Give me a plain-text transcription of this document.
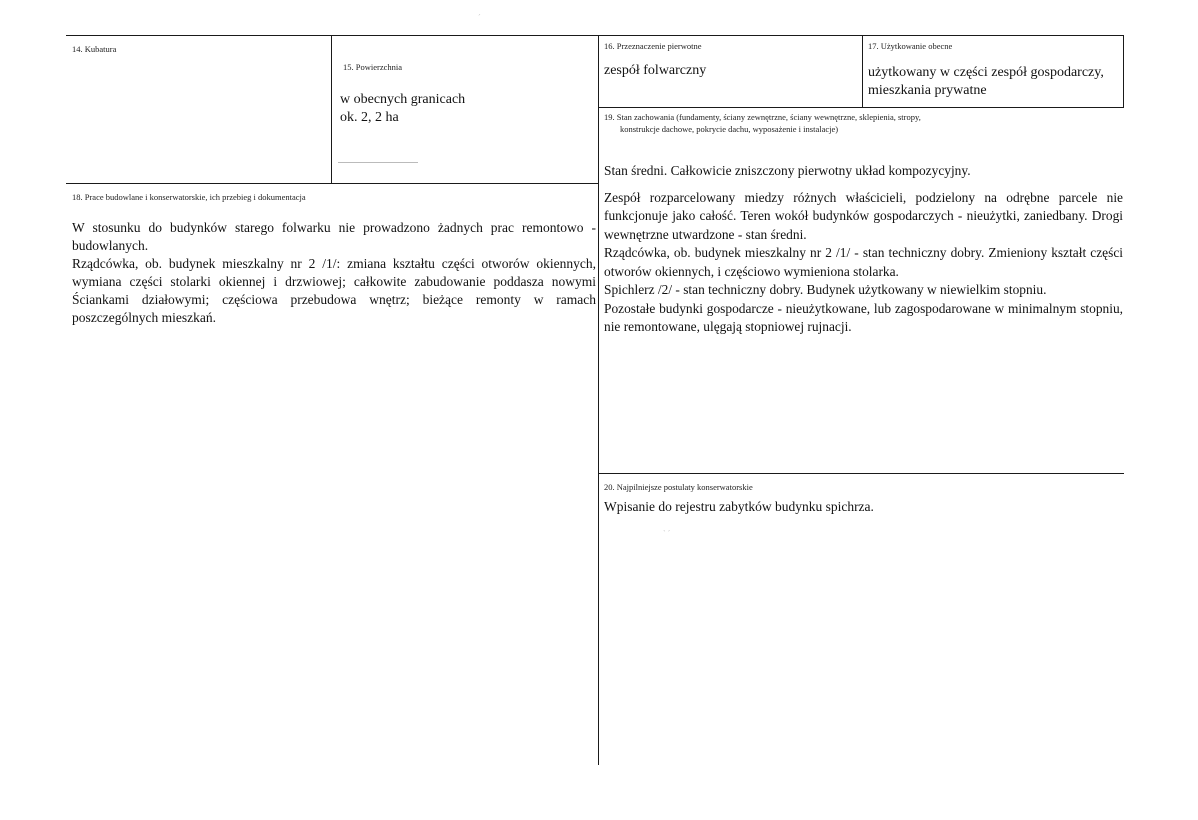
´
ˋ ˊ
14. Kubatura
15. Powierzchnia
w obecnych granicach
ok. 2, 2 ha
16. Przeznaczenie pierwotne
zespół folwarczny
17. Użytkowanie obecne
użytkowany w części zespół gospodarczy,
mieszkania prywatne
18. Prace budowlane i konserwatorskie, ich przebieg i dokumentacja

W stosunku do budynków starego folwarku nie prowadzono żadnych prac remontowo - budowlanych.

Rządcówka, ob. budynek mieszkalny nr 2 /1/: zmiana kształtu części otworów okiennych, wymiana części stolarki okiennej i drzwiowej; całkowite zabudowanie poddasza nowymi Ściankami działowymi; częściowa przebudowa wnętrz; bieżące remonty w ramach poszczególnych mieszkań.

19. Stan zachowania (fundamenty, ściany zewnętrzne, ściany wewnętrzne, sklepienia, stropy,
konstrukcje dachowe, pokrycie dachu, wyposażenie i instalacje)

Stan średni. Całkowicie zniszczony pierwotny układ kompozycyjny.

Zespół rozparcelowany miedzy różnych właścicieli, podzielony na odrębne parcele nie funkcjonuje jako całość. Teren wokół budynków gospodarczych - nieużytki, zaniedbany. Drogi wewnętrzne utwardzone - stan średni.

Rządcówka, ob. budynek mieszkalny nr 2 /1/ - stan techniczny dobry. Zmieniony kształt części otworów okiennych, i częściowo wymieniona stolarka.

Spichlerz /2/ - stan techniczny dobry. Budynek użytkowany w niewielkim stopniu.

Pozostałe budynki gospodarcze - nieużytkowane, lub zagospodarowane w minimalnym stopniu, nie remontowane, ulęgają stopniowej rujnacji.

20. Najpilniejsze postulaty konserwatorskie
Wpisanie do rejestru zabytków budynku spichrza.
